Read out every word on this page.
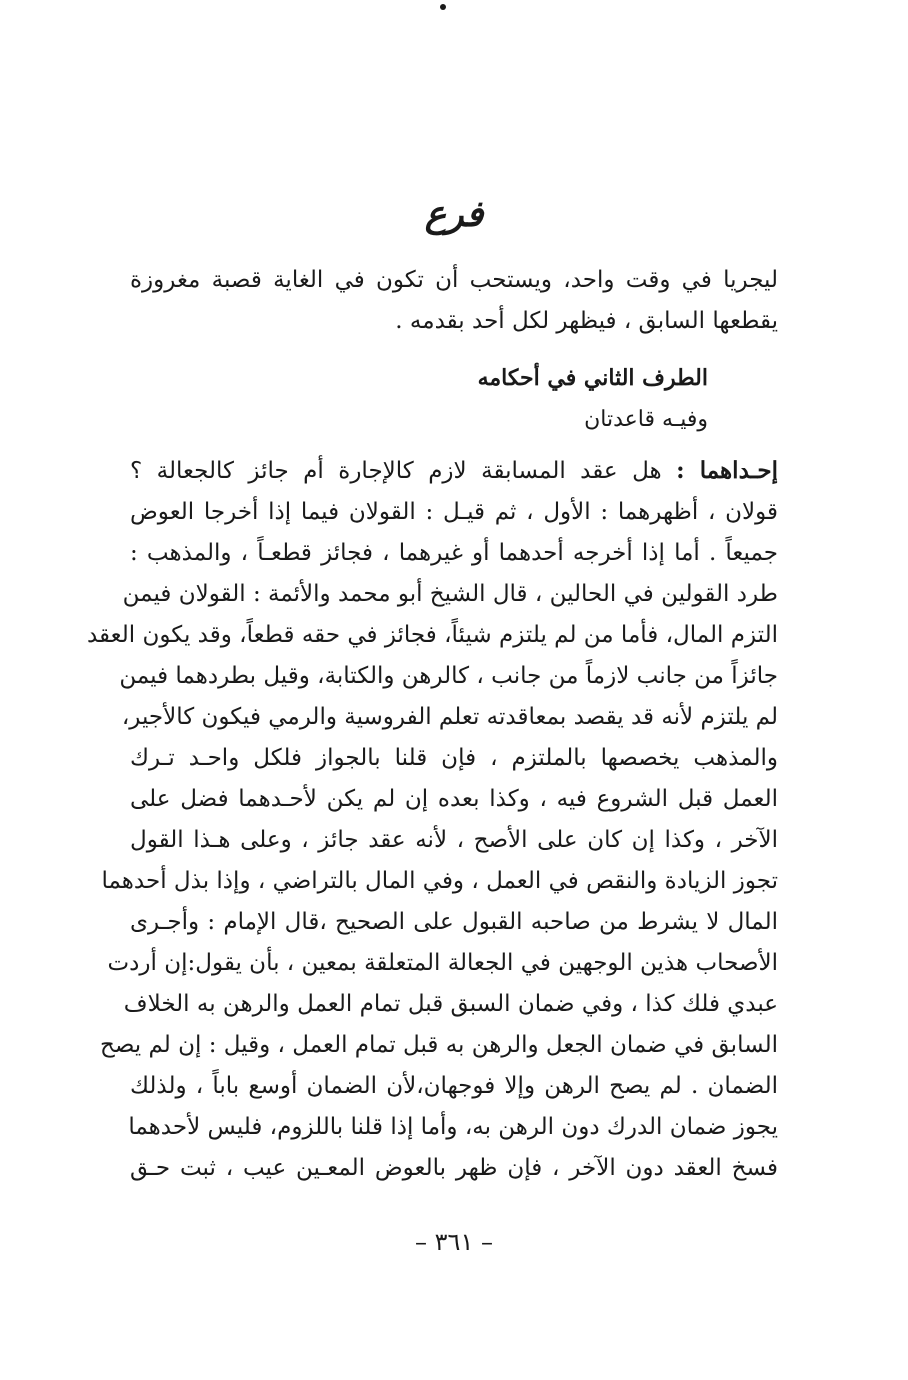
فرع
ليجريا في وقت واحد، ويستحب أن تكون في الغاية قصبة مغروزة
يقطعها السابق ، فيظهر لكل أحد بقدمه .
الطرف الثاني في أحكامه
وفيـه قاعدتان
إحـداهما : هل عقد المسابقة لازم كالإجارة أم جائز كالجعالة ؟
قولان ، أظهرهما : الأول ، ثم قيـل : القولان فيما إذا أخرجا العوض
جميعاً . أما إذا أخرجه أحدهما أو غيرهما ، فجائز قطعـاً ، والمذهب :
طرد القولين في الحالين ، قال الشيخ أبو محمد والأئمة : القولان فيمن
التزم المال، فأما من لم يلتزم شيئاً، فجائز في حقه قطعاً، وقد يكون العقد
جائزاً من جانب لازماً من جانب ، كالرهن والكتابة، وقيل بطردهما فيمن
لم يلتزم لأنه قد يقصد بمعاقدته تعلم الفروسية والرمي فيكون كالأجير،
والمذهب يخصصها بالملتزم ، فإن قلنا بالجواز فلكل واحـد تـرك
العمل قبل الشروع فيه ، وكذا بعده إن لم يكن لأحـدهما فضل على
الآخر ، وكذا إن كان على الأصح ، لأنه عقد جائز ، وعلى هـذا القول
تجوز الزيادة والنقص في العمل ، وفي المال بالتراضي ، وإذا بذل أحدهما
المال لا يشرط من صاحبه القبول على الصحيح ،قال الإمام : وأجـرى
الأصحاب هذين الوجهين في الجعالة المتعلقة بمعين ، بأن يقول:إن أردت
عبدي فلك كذا ، وفي ضمان السبق قبل تمام العمل والرهن به الخلاف
السابق في ضمان الجعل والرهن به قبل تمام العمل ، وقيل : إن لم يصح
الضمان . لم يصح الرهن وإلا فوجهان،لأن الضمان أوسع باباً ، ولذلك
يجوز ضمان الدرك دون الرهن به، وأما إذا قلنا باللزوم، فليس لأحدهما
فسخ العقد دون الآخر ، فإن ظهر بالعوض المعـين عيب ، ثبت حـق
– ٣٦١ –
